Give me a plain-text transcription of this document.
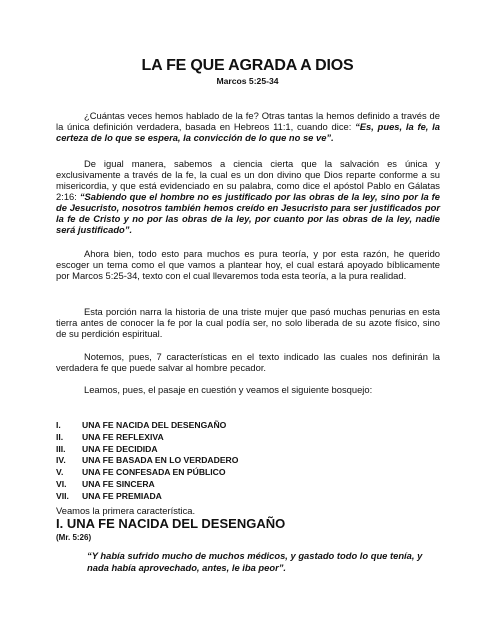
LA FE QUE AGRADA A DIOS
Marcos 5:25-34

¿Cuántas veces hemos hablado de la fe? Otras tantas la hemos definido a través de la única definición verdadera, basada en Hebreos 11:1, cuando dice: “Es, pues, la fe, la certeza de lo que se espera, la convicción de lo que no se ve”.

De igual manera, sabemos a ciencia cierta que la salvación es única y exclusivamente a través de la fe, la cual es un don divino que Dios reparte conforme a su misericordia, y que está evidenciado en su palabra, como dice el apóstol Pablo en Gálatas 2:16: “Sabiendo que el hombre no es justificado por las obras de la ley, sino por la fe de Jesucristo, nosotros también hemos creído en Jesucristo para ser justificados por la fe de Cristo y no por las obras de la ley, por cuanto por las obras de la ley, nadie será justificado”.

Ahora bien, todo esto para muchos es pura teoría, y por esta razón, he querido escoger un tema como el que vamos a plantear hoy, el cual estará apoyado bíblicamente por Marcos 5:25-34, texto con el cual llevaremos toda esta teoría, a la pura realidad.

Esta porción narra la historia de una triste mujer que pasó muchas penurias en esta tierra antes de conocer la fe por la cual podía ser, no solo liberada de su azote físico, sino de su perdición espiritual.

Notemos, pues, 7 características en el texto indicado las cuales nos definirán la verdadera fe que puede salvar al hombre pecador.

Leamos, pues, el pasaje en cuestión y veamos el siguiente bosquejo:

I.	UNA FE NACIDA DEL DESENGAÑO
II.	UNA FE REFLEXIVA
III.	UNA FE DECIDIDA
IV.	UNA FE BASADA EN LO VERDADERO
V.	UNA FE CONFESADA EN PÚBLICO
VI.	UNA FE SINCERA
VII.	UNA FE PREMIADA
Veamos la primera característica.
I. UNA FE NACIDA DEL DESENGAÑO
(Mr. 5:26)

“Y había sufrido mucho de muchos médicos, y gastado todo lo que tenía, y nada había aprovechado, antes, le iba peor”.
